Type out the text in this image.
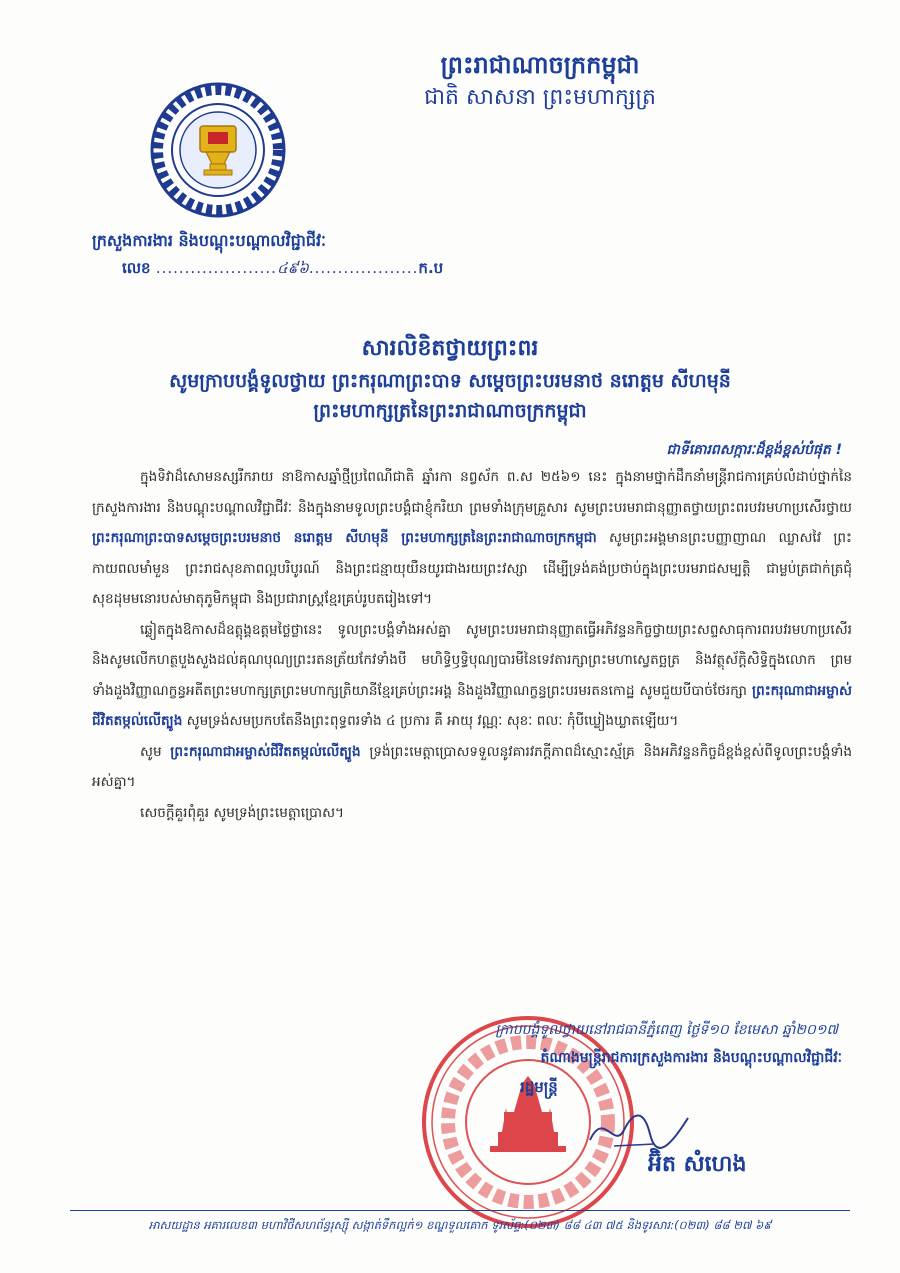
ព្រះរាជាណាចក្រកម្ពុជា
ជាតិ សាសនា ព្រះមហាក្សត្រ
ក្រសួងការងារ និងបណ្តុះបណ្តាលវិជ្ជាជីវៈ
លេខ .....................៤៩៦...................ក.ប
សារលិខិតថ្វាយព្រះពរ
សូមក្រាបបង្គំទូលថ្វាយ ព្រះករុណាព្រះបាទ សម្តេចព្រះបរមនាថ នរោត្តម សីហមុនី
ព្រះមហាក្សត្រនៃព្រះរាជាណាចក្រកម្ពុជា
ជាទីគោរពសក្ការៈដ៏ខ្ពង់ខ្ពស់បំផុត !

ក្នុងទិវាដ៏សោមនស្សរីករាយ នាឱកាសឆ្នាំថ្មីប្រពៃណីជាតិ ឆ្នាំរកា នព្វស័ក ព.ស ២៥៦១ នេះ ក្នុងនាមថ្នាក់ដឹកនាំមន្ត្រីរាជការគ្រប់លំដាប់ថ្នាក់នៃក្រសួងការងារ និងបណ្តុះបណ្តាលវិជ្ជាជីវៈ និងក្នុងនាមទូលព្រះបង្គំជាខ្ញុំករិយា ព្រមទាំងក្រុមគ្រួសារ សូមព្រះបរមរាជានុញ្ញាតថ្វាយព្រះពរបវរមហាប្រសើរថ្វាយ ព្រះករុណាព្រះបាទសម្តេចព្រះបរមនាថ នរោត្តម សីហមុនី ព្រះមហាក្សត្រនៃព្រះរាជាណាចក្រកម្ពុជា សូមព្រះអង្គមានព្រះបញ្ញាញាណ ឈ្លាសវៃ ព្រះកាយពលមាំមួន ព្រះរាជសុខភាពល្អបរិបូរណ៍ និងព្រះជន្មាយុយឺនយូរជាងរយព្រះវស្សា ដើម្បីទ្រង់គង់ប្រថាប់ក្នុងព្រះបរមរាជសម្បត្តិ ជាម្លប់ត្រជាក់ត្រជុំសុខដុមមនោរបស់មាតុភូមិកម្ពុជា និងប្រជារាស្ត្រខ្មែរគ្រប់រូបតរៀងទៅ។

ឆ្លៀតក្នុងឱកាសដ៏ឧត្តុង្គឧត្តមថ្លៃថ្លានេះ ទូលព្រះបង្គំទាំងអស់គ្នា សូមព្រះបរមរាជានុញ្ញាតធ្វើអភិវន្ទនកិច្ចថ្វាយព្រះសព្ទសាធុការពរបវរមហាប្រសើរ និងសូមលើកហត្ថបួងសួងដល់គុណបុណ្យព្រះរតនត្រ័យកែវទាំងបី មហិទ្ធិឫទ្ធិបុណ្យបារមីនៃទេវតារក្សាព្រះមហាស្វេតច្ឆត្រ និងវត្ថុស័ក្តិសិទ្ធិក្នុងលោក ព្រមទាំងដួងវិញ្ញាណក្ខន្ធអតីតព្រះមហាក្សត្រព្រះមហាក្សត្រិយានីខ្មែរគ្រប់ព្រះអង្គ និងដួងវិញ្ញាណក្ខន្ធព្រះបរមរតនកោដ្ឋ សូមជួយបីបាច់ថែរក្សា ព្រះករុណាជាអម្ចាស់ជីវិតតម្កល់លើត្បូង សូមទ្រង់សមប្រកបតែនឹងព្រះពុទ្ធពរទាំង ៤ ប្រការ គឺ អាយុ វណ្ណៈ សុខៈ ពលៈ កុំបីឃ្លៀងឃ្លាតឡើយ។

សូម ព្រះករុណាជាអម្ចាស់ជីវិតតម្កល់លើត្បូង ទ្រង់ព្រះមេត្តាប្រោសទទួលនូវគារវភក្តីភាពដ៏ស្មោះស្ម័គ្រ និងអភិវន្ទនកិច្ចដ៏ខ្ពង់ខ្ពស់ពីទូលព្រះបង្គំទាំងអស់គ្នា។

សេចក្តីគួរពុំគួរ សូមទ្រង់ព្រះមេត្តាប្រោស។

ក្រាបបង្គំទូលថ្វាយនៅរាជធានីភ្នំពេញ ថ្ងៃទី១០ ខែមេសា ឆ្នាំ២០១៧
តំណាងមន្ត្រីរាជការក្រសួងការងារ និងបណ្តុះបណ្តាលវិជ្ជាជីវៈ
រដ្ឋមន្ត្រី
អ៊ិត សំហេង
អាសយដ្ឋាន អគារលេខ៣ មហាវិថីសហព័ន្ធរុស្ស៊ី សង្កាត់ទឹកល្អក់១ ខណ្ឌទួលគោក ទូរស័ព្ទ:(០២៣) ៨៨ ៤៣ ៧៥ និងទូរសារ:(០២៣) ៨៨ ២៧ ៦៩
